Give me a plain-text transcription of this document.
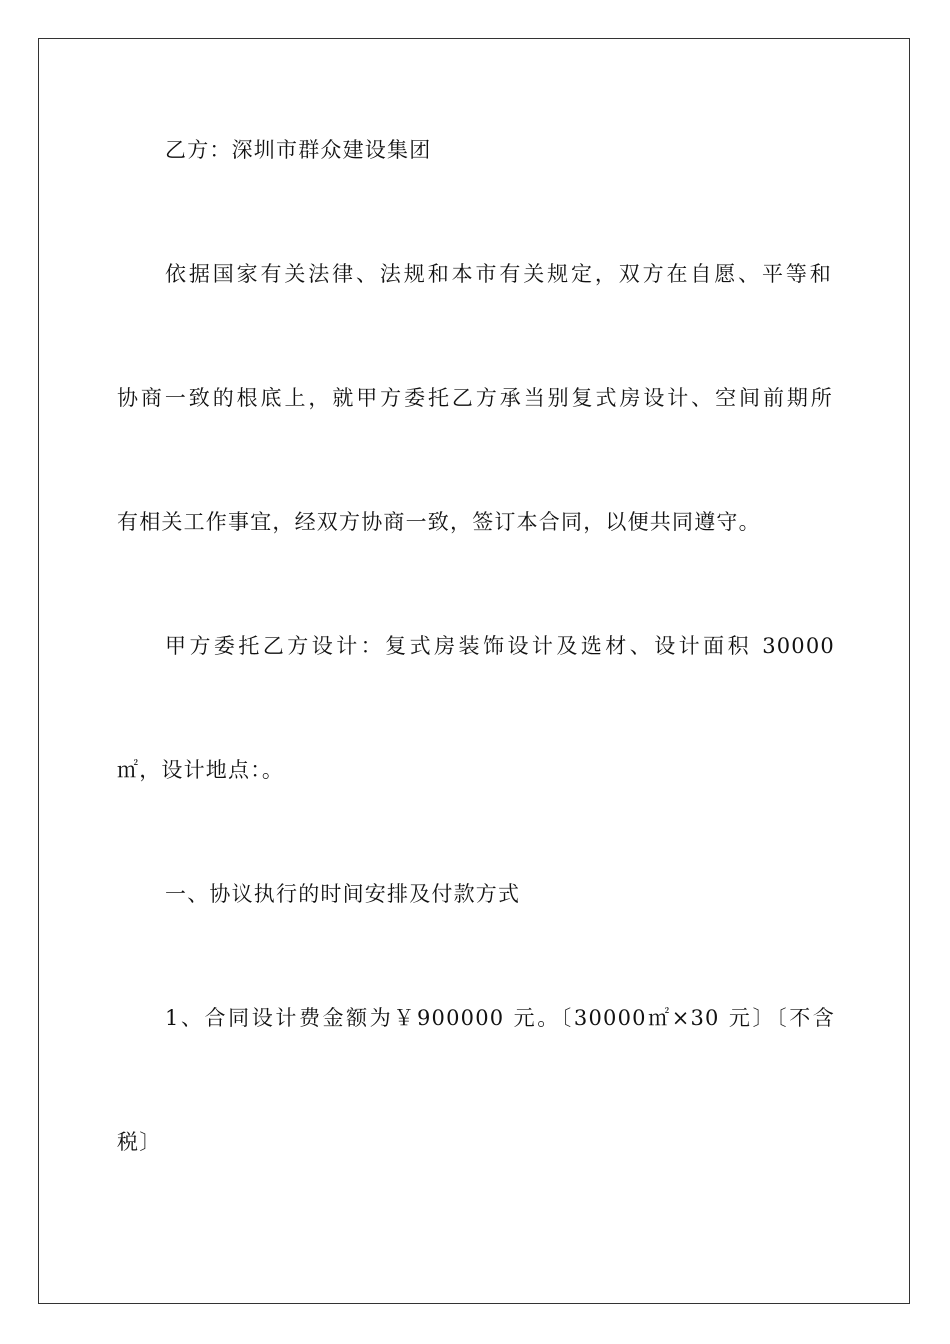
乙方：深圳市群众建设集团
依据国家有关法律、法规和本市有关规定，双方在自愿、平等和
协商一致的根底上，就甲方委托乙方承当别复式房设计、空间前期所
有相关工作事宜，经双方协商一致，签订本合同，以便共同遵守。
甲方委托乙方设计：复式房装饰设计及选材、设计面积 30000
㎡，设计地点：。
一、协议执行的时间安排及付款方式
1、合同设计费金额为￥900000 元。〔30000㎡×30 元〕〔不含
税〕
